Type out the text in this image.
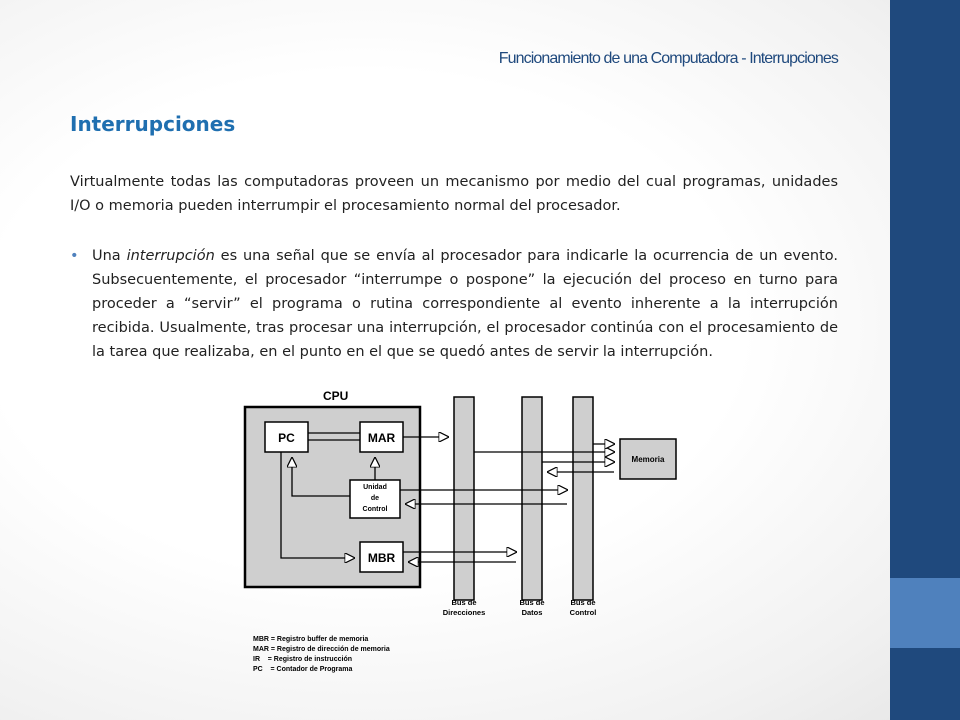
Funcionamiento de una Computadora - Interrupciones
Interrupciones

Virtualmente todas las computadoras proveen un mecanismo por medio del cual programas, unidades I/O o memoria pueden interrumpir el procesamiento normal del procesador.

• Una interrupción es una señal que se envía al procesador para indicarle la ocurrencia de un evento. Subsecuentemente, el procesador “interrumpe o pospone” la ejecución del proceso en turno para proceder a “servir” el programa o rutina correspondiente al evento inherente a la interrupción recibida. Usualmente, tras procesar una interrupción, el procesador continúa con el procesamiento de la tarea que realizaba, en el punto en el que se quedó antes de servir la interrupción.
CPU
PC	MAR
Unidad
de
Control
MBR
Memoria
Bus de
Direcciones
Bus de
Datos
Bus de
Control
MBR = Registro buffer de memoria
MAR = Registro de dirección de memoria
IR    = Registro de instrucción
PC    = Contador de Programa
